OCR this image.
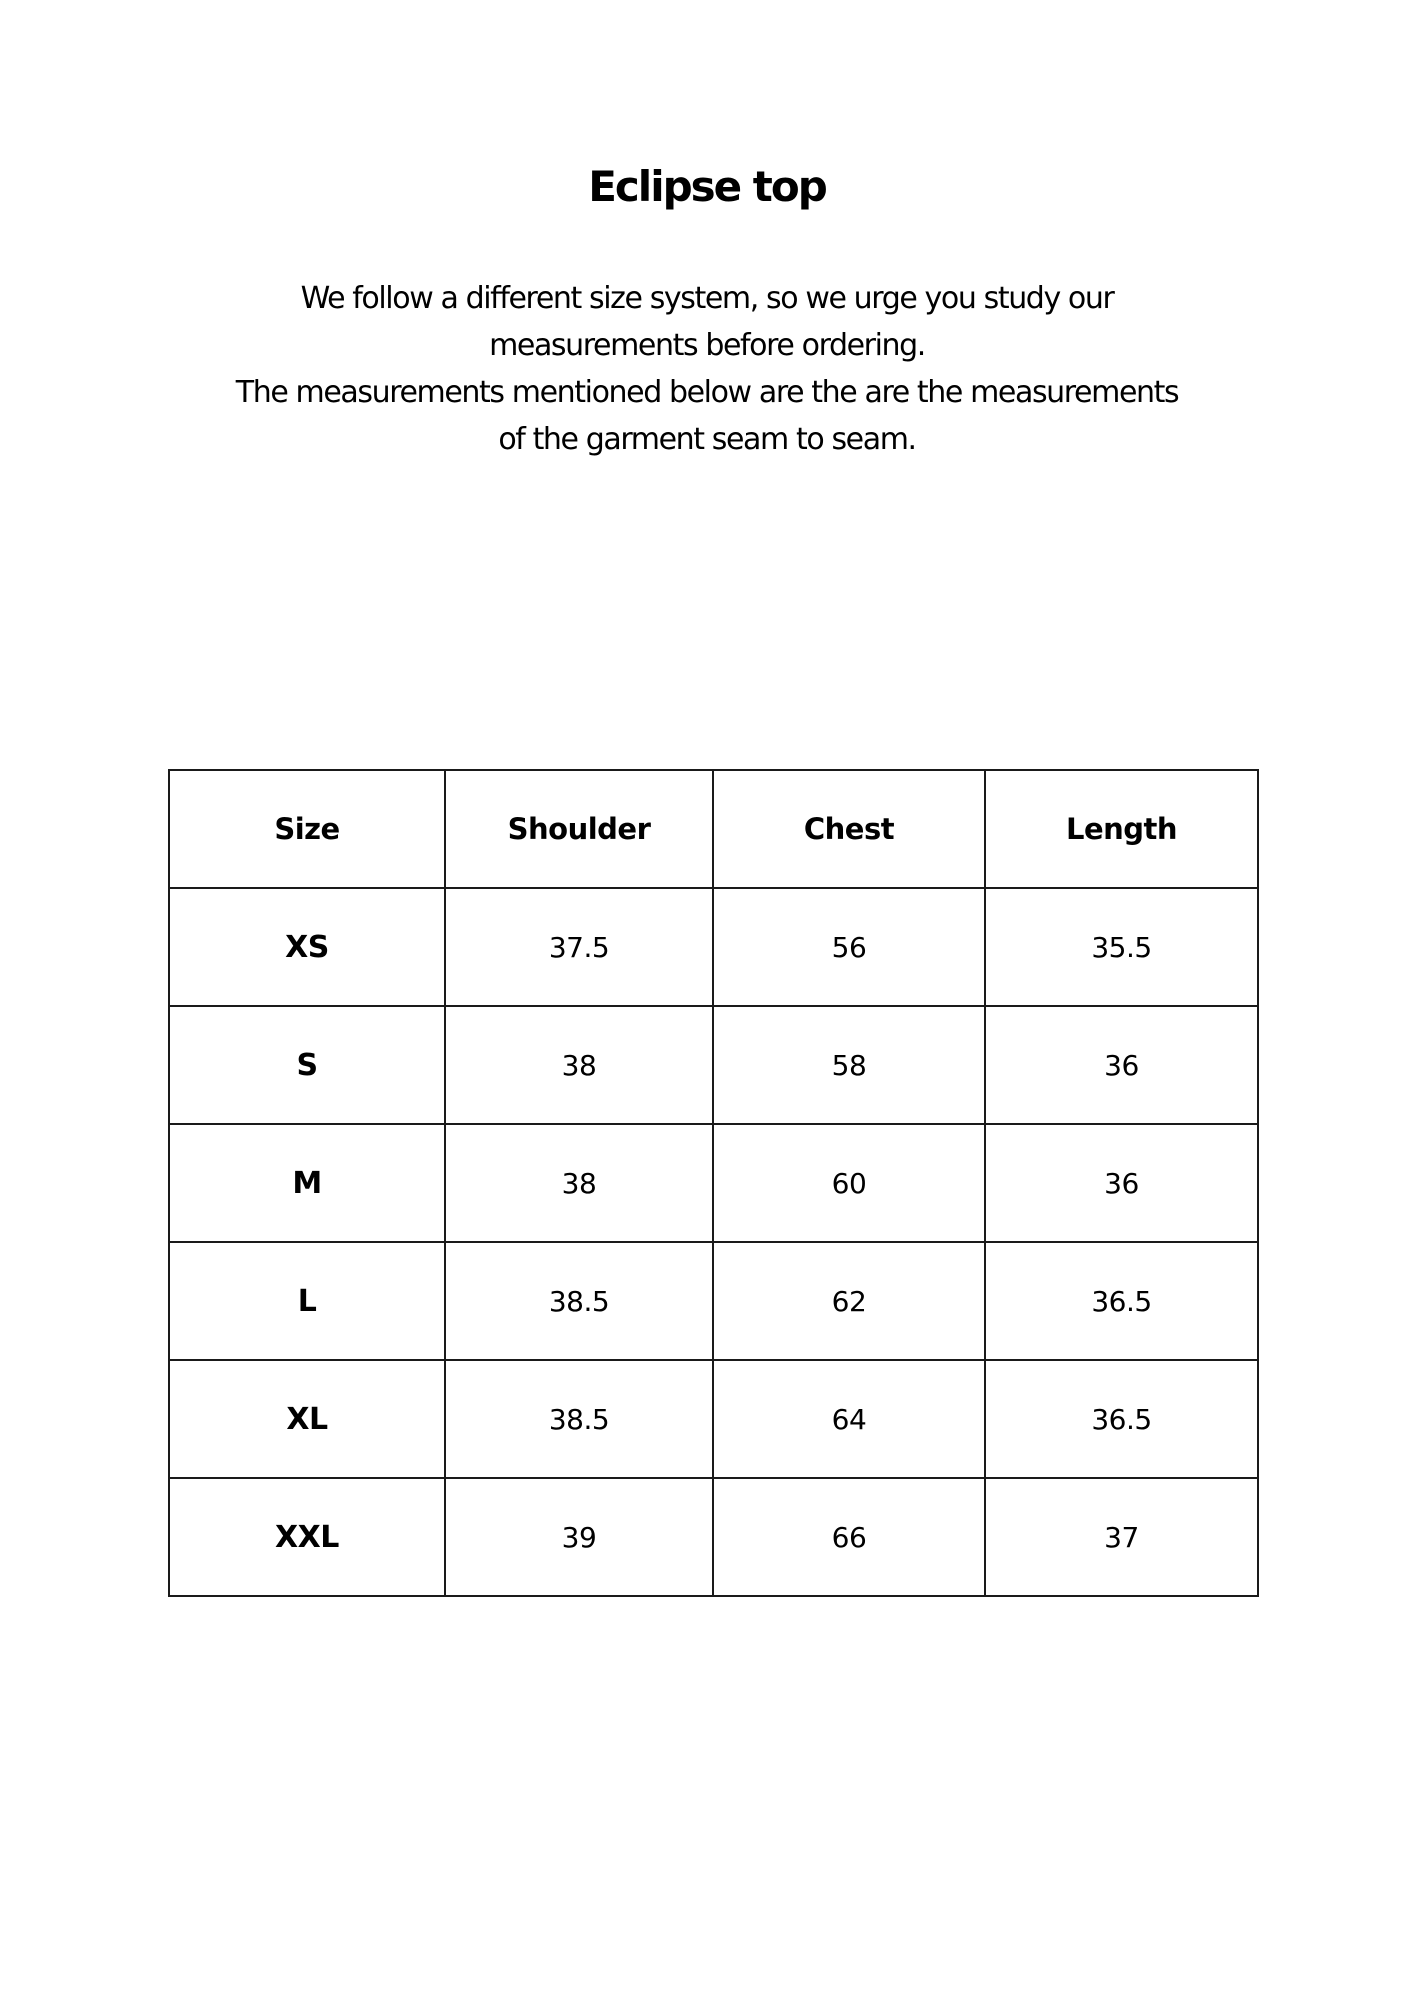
Eclipse top
We follow a different size system, so we urge you study our
measurements before ordering.
The measurements mentioned below are the are the measurements
of the garment seam to seam.
Size	Shoulder	Chest	Length
XS	37.5	56	35.5
S	38	58	36
M	38	60	36
L	38.5	62	36.5
XL	38.5	64	36.5
XXL	39	66	37
